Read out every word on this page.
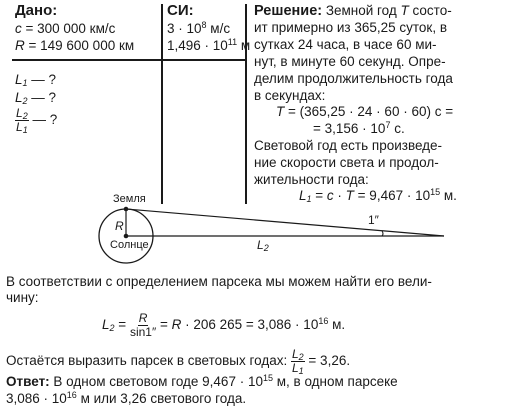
Дано:
c = 300 000 км/с
R = 149 600 000 км
$L_1$ — ?
$L_2$ — ?
$\frac{L_2}{L_1}$ — ?
СИ:
$3 \cdot 10^8$ м/с
$1,496 \cdot 10^{11}$ м
Решение: Земной год T состо-
ит примерно из 365,25 суток, в
сутках 24 часа, в часе 60 ми-
нут, в минуте 60 секунд. Опре-
делим продолжительность года
в секундах:
T = (365,25 · 24 · 60 · 60) с =
= $3,156 \cdot 10^7$ с.
Световой год есть произведе-
ние скорости света и продол-
жительности года:
$L_1 = c \cdot T = 9,467 \cdot 10^{15}$ м.
Земля
R
Солнце
1″
$L_2$
В соответствии с определением парсека мы можем найти его вели-
чину:
$L_2 = \frac{R}{\sin 1''} = R \cdot 206$ $265 = 3,086 \cdot 10^{16}$ м.
Остаётся выразить парсек в световых годах: $\frac{L_2}{L_1} = 3,26$.
Ответ: В одном световом годе $9,467 \cdot 10^{15}$ м, в одном парсеке
$3,086 \cdot 10^{16}$ м или 3,26 светового года.
